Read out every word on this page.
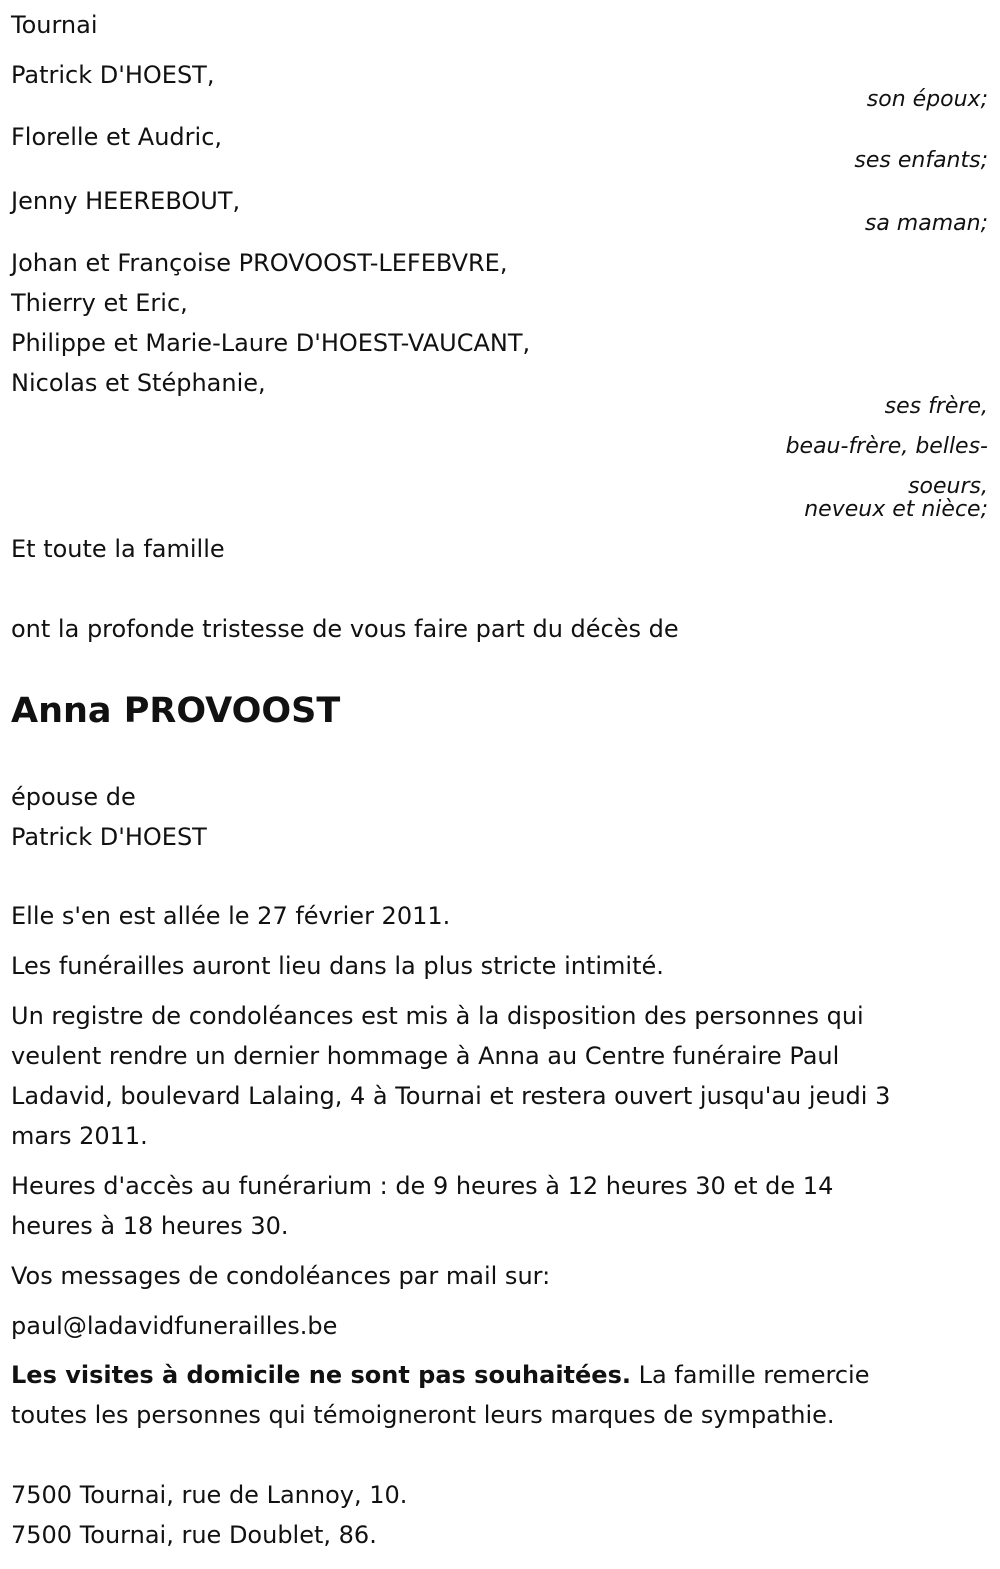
Tournai
Patrick D'HOEST,
son époux;
Florelle et Audric,
ses enfants;
Jenny HEEREBOUT,
sa maman;
Johan et Françoise PROVOOST-LEFEBVRE,
Thierry et Eric,
Philippe et Marie-Laure D'HOEST-VAUCANT,
Nicolas et Stéphanie,
ses frère,
beau-frère, belles-
soeurs,
neveux et nièce;
Et toute la famille
ont la profonde tristesse de vous faire part du décès de
Anna PROVOOST
épouse de
Patrick D'HOEST
Elle s'en est allée le 27 février 2011.
Les funérailles auront lieu dans la plus stricte intimité.
Un registre de condoléances est mis à la disposition des personnes qui
veulent rendre un dernier hommage à Anna au Centre funéraire Paul
Ladavid, boulevard Lalaing, 4 à Tournai et restera ouvert jusqu'au jeudi 3
mars 2011.
Heures d'accès au funérarium : de 9 heures à 12 heures 30 et de 14
heures à 18 heures 30.
Vos messages de condoléances par mail sur:
paul@ladavidfunerailles.be
Les visites à domicile ne sont pas souhaitées. La famille remercie
toutes les personnes qui témoigneront leurs marques de sympathie.
7500 Tournai, rue de Lannoy, 10.
7500 Tournai, rue Doublet, 86.
